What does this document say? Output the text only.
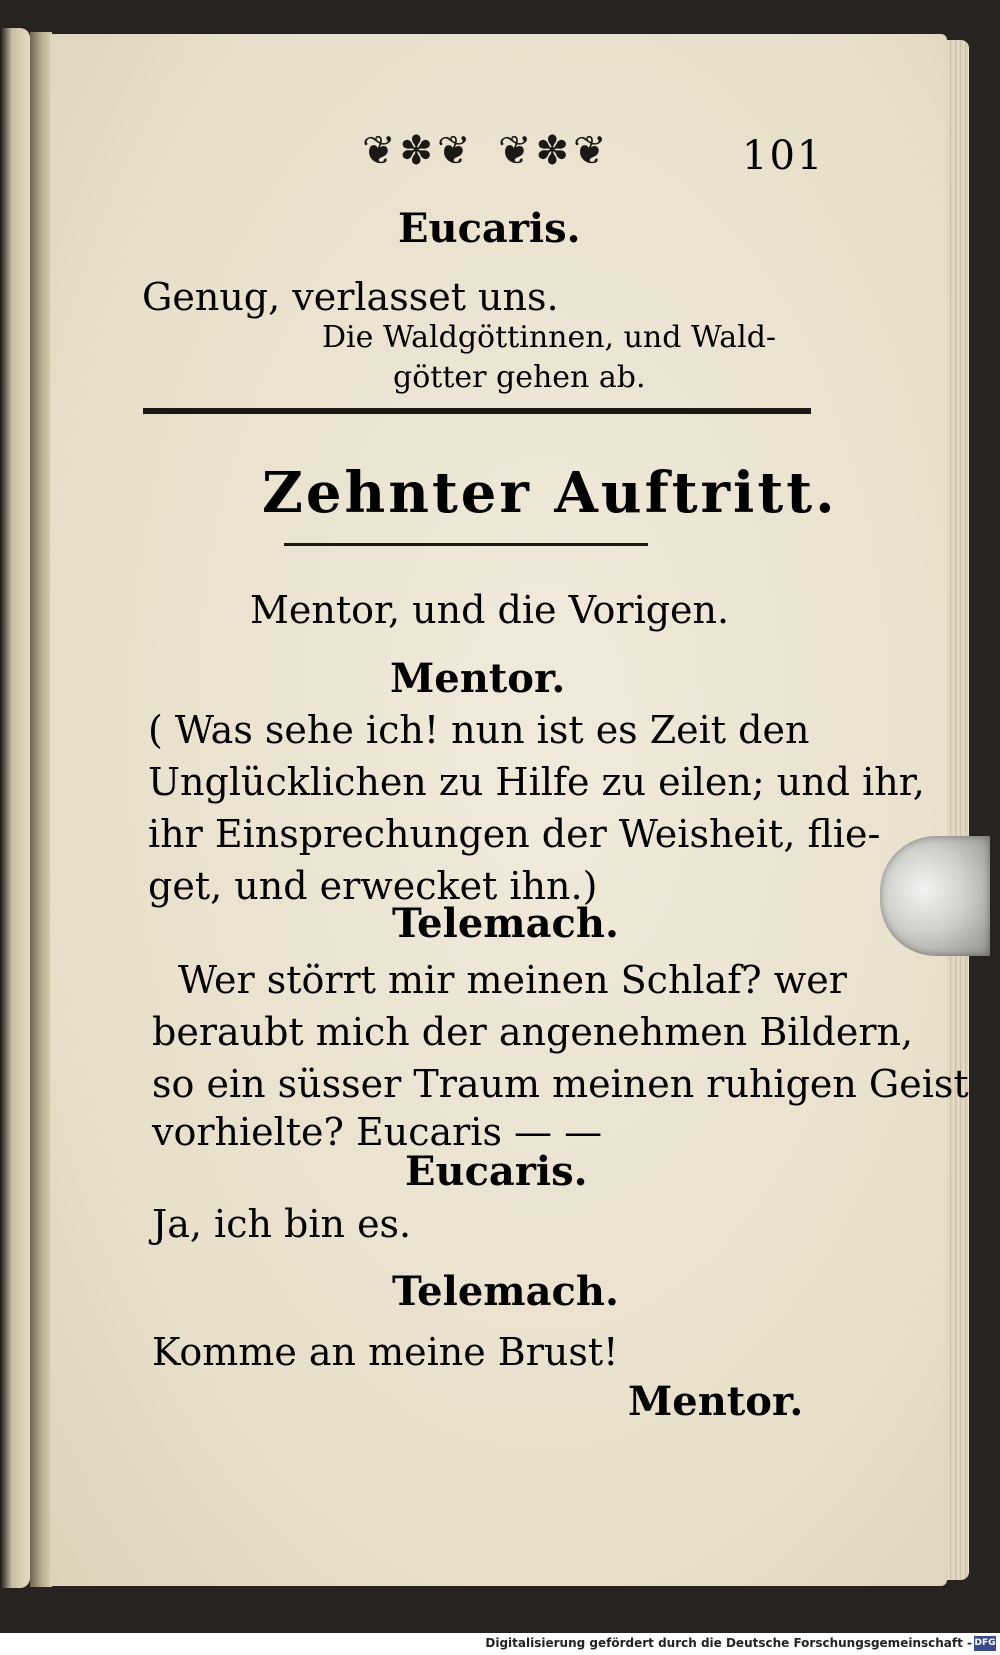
❦✽❦ ❦✽❦	101
Eucaris.
Genug, verlasset uns.
Die Waldgöttinnen, und Wald-
götter gehen ab.
Zehnter Auftritt.
Mentor, und die Vorigen.
Mentor.
( Was sehe ich! nun ist es Zeit den
Unglücklichen zu Hilfe zu eilen; und ihr,
ihr Einsprechungen der Weisheit, flie-
get, und erwecket ihn.)
Telemach.
Wer störrt mir meinen Schlaf? wer
beraubt mich der angenehmen Bildern,
so ein süsser Traum meinen ruhigen Geist
vorhielte? Eucaris — —
Eucaris.
Ja, ich bin es.
Telemach.
Komme an meine Brust!
Mentor.
Digitalisierung gefördert durch die Deutsche Forschungsgemeinschaft - DFG
